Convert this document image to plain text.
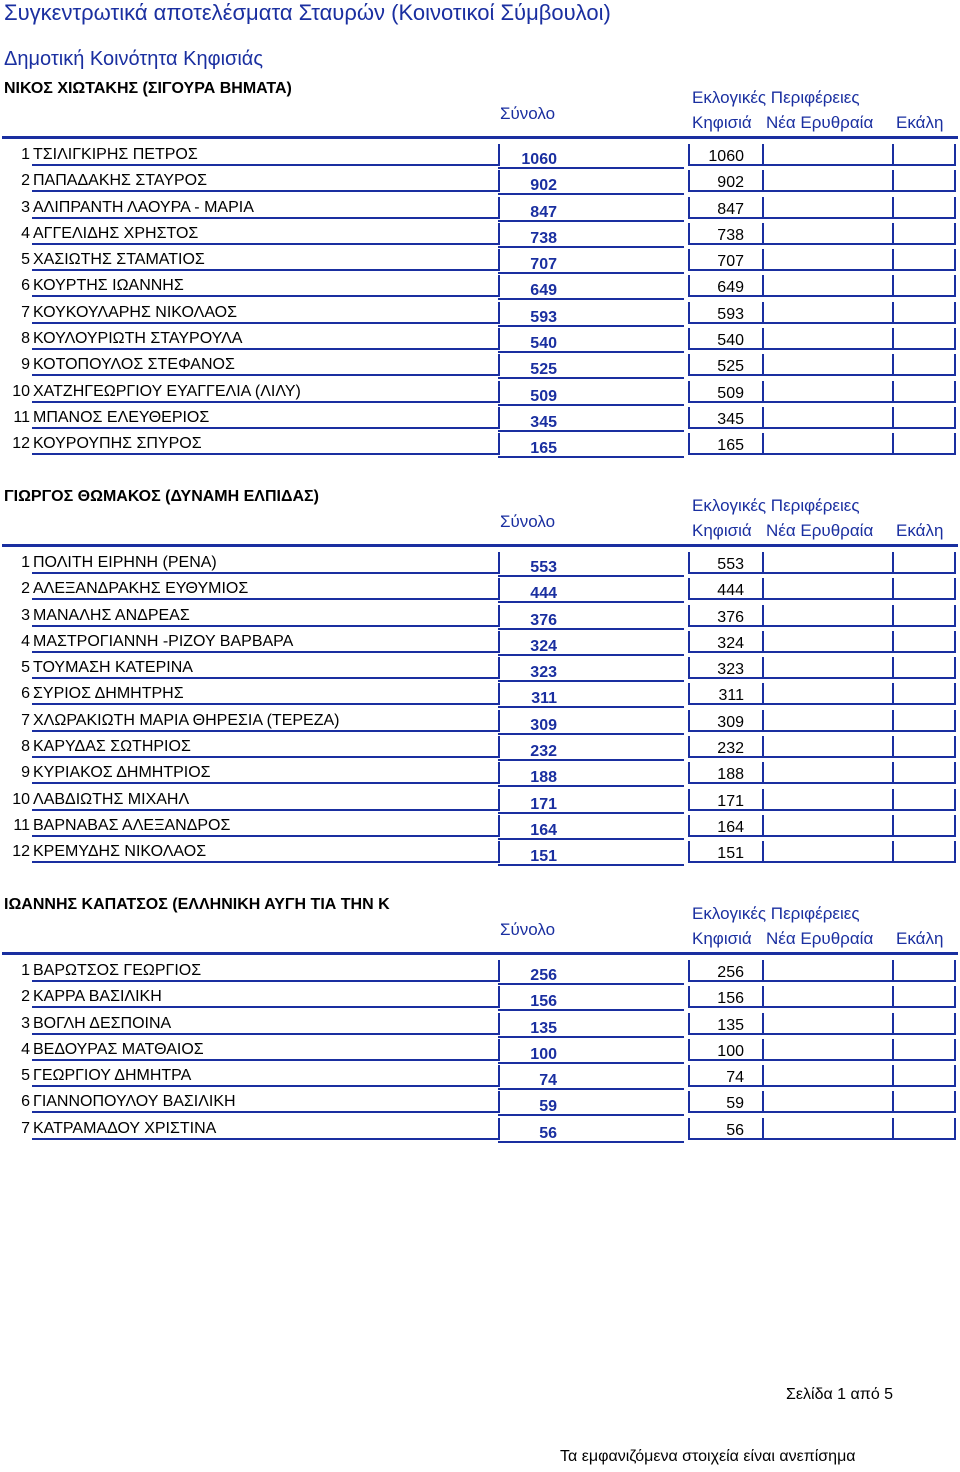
Συγκεντρωτικά αποτελέσματα Σταυρών (Κοινοτικοί Σύμβουλοι)
Δημοτική Κοινότητα Κηφισιάς
ΝΙΚΟΣ ΧΙΩΤΑΚΗΣ (ΣΙΓΟΥΡΑ ΒΗΜΑΤΑ)
Σύνολο
Εκλογικές Περιφέρειες
Κηφισιά Νέα Ερυθραία Εκάλη
1 ΤΣΙΛΙΓΚΙΡΗΣ ΠΕΤΡΟΣ	1060	1060
2 ΠΑΠΑΔΑΚΗΣ ΣΤΑΥΡΟΣ	902	902
3 ΑΛΙΠΡΑΝΤΗ ΛΑΟΥΡΑ - ΜΑΡΙΑ	847	847
4 ΑΓΓΕΛΙΔΗΣ ΧΡΗΣΤΟΣ	738	738
5 ΧΑΣΙΩΤΗΣ ΣΤΑΜΑΤΙΟΣ	707	707
6 ΚΟΥΡΤΗΣ ΙΩΑΝΝΗΣ	649	649
7 ΚΟΥΚΟΥΛΑΡΗΣ ΝΙΚΟΛΑΟΣ	593	593
8 ΚΟΥΛΟΥΡΙΩΤΗ ΣΤΑΥΡΟΥΛΑ	540	540
9 ΚΟΤΟΠΟΥΛΟΣ ΣΤΕΦΑΝΟΣ	525	525
10 ΧΑΤΖΗΓΕΩΡΓΙΟΥ ΕΥΑΓΓΕΛΙΑ (ΛΙΛΥ)	509	509
11 ΜΠΑΝΟΣ ΕΛΕΥΘΕΡΙΟΣ	345	345
12 ΚΟΥΡΟΥΠΗΣ ΣΠΥΡΟΣ	165	165
ΓΙΩΡΓΟΣ ΘΩΜΑΚΟΣ (ΔΥΝΑΜΗ ΕΛΠΙΔΑΣ)
Σύνολο
Εκλογικές Περιφέρειες
Κηφισιά Νέα Ερυθραία Εκάλη
1 ΠΟΛΙΤΗ ΕΙΡΗΝΗ (ΡΕΝΑ)	553	553
2 ΑΛΕΞΑΝΔΡΑΚΗΣ ΕΥΘΥΜΙΟΣ	444	444
3 ΜΑΝΑΛΗΣ ΑΝΔΡΕΑΣ	376	376
4 ΜΑΣΤΡΟΓΙΑΝΝΗ -ΡΙΖΟΥ ΒΑΡΒΑΡΑ	324	324
5 ΤΟΥΜΑΣΗ ΚΑΤΕΡΙΝΑ	323	323
6 ΣΥΡΙΟΣ ΔΗΜΗΤΡΗΣ	311	311
7 ΧΛΩΡΑΚΙΩΤΗ ΜΑΡΙΑ ΘΗΡΕΣΙΑ (ΤΕΡΕΖΑ)	309	309
8 ΚΑΡΥΔΑΣ ΣΩΤΗΡΙΟΣ	232	232
9 ΚΥΡΙΑΚΟΣ ΔΗΜΗΤΡΙΟΣ	188	188
10 ΛΑΒΔΙΩΤΗΣ ΜΙΧΑΗΛ	171	171
11 ΒΑΡΝΑΒΑΣ ΑΛΕΞΑΝΔΡΟΣ	164	164
12 ΚΡΕΜΥΔΗΣ ΝΙΚΟΛΑΟΣ	151	151
ΙΩΑΝΝΗΣ ΚΑΠΑΤΣΟΣ (ΕΛΛΗΝΙΚΗ ΑΥΓΗ ΤΙΑ ΤΗΝ Κ
Σύνολο
Εκλογικές Περιφέρειες
Κηφισιά Νέα Ερυθραία Εκάλη
1 ΒΑΡΩΤΣΟΣ ΓΕΩΡΓΙΟΣ	256	256
2 ΚΑΡΡΑ ΒΑΣΙΛΙΚΗ	156	156
3 ΒΟΓΛΗ ΔΕΣΠΟΙΝΑ	135	135
4 ΒΕΔΟΥΡΑΣ ΜΑΤΘΑΙΟΣ	100	100
5 ΓΕΩΡΓΙΟΥ ΔΗΜΗΤΡΑ	74	74
6 ΓΙΑΝΝΟΠΟΥΛΟΥ ΒΑΣΙΛΙΚΗ	59	59
7 ΚΑΤΡΑΜΑΔΟΥ ΧΡΙΣΤΙΝΑ	56	56
Σελίδα 1 από 5
Τα εμφανιζόμενα στοιχεία είναι ανεπίσημα
